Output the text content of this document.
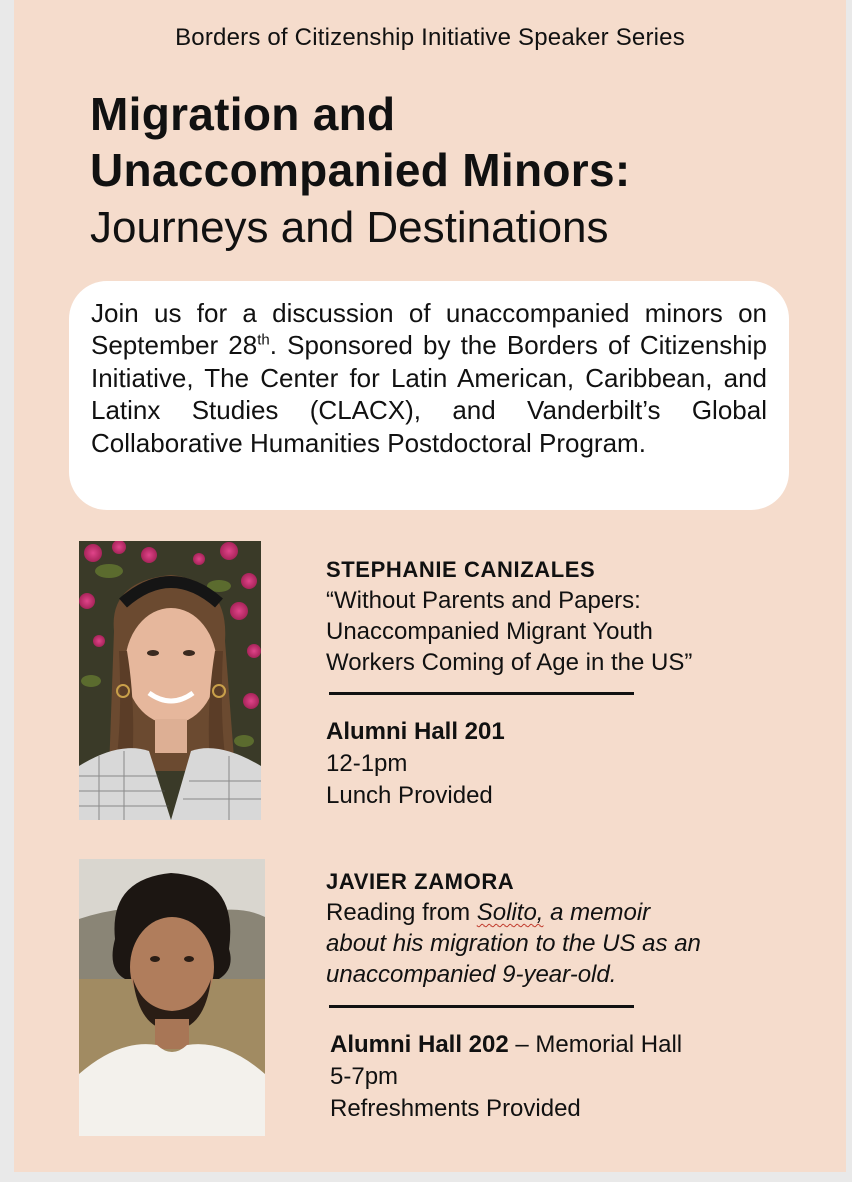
Borders of Citizenship Initiative Speaker Series
Migration and
Unaccompanied Minors:
Journeys and Destinations
Join us for a discussion of unaccompanied minors on September 28th. Sponsored by the Borders of Citizenship Initiative, The Center for Latin American, Caribbean, and Latinx Studies (CLACX), and Vanderbilt’s Global Collaborative Humanities Postdoctoral Program.
STEPHANIE CANIZALES
“Without Parents and Papers:
Unaccompanied Migrant Youth
Workers Coming of Age in the US”
Alumni Hall 201
12-1pm
Lunch Provided
JAVIER ZAMORA
Reading from Solito, a memoir
about his migration to the US as an
unaccompanied 9-year-old.
Alumni Hall 202 – Memorial Hall
5-7pm
Refreshments Provided
